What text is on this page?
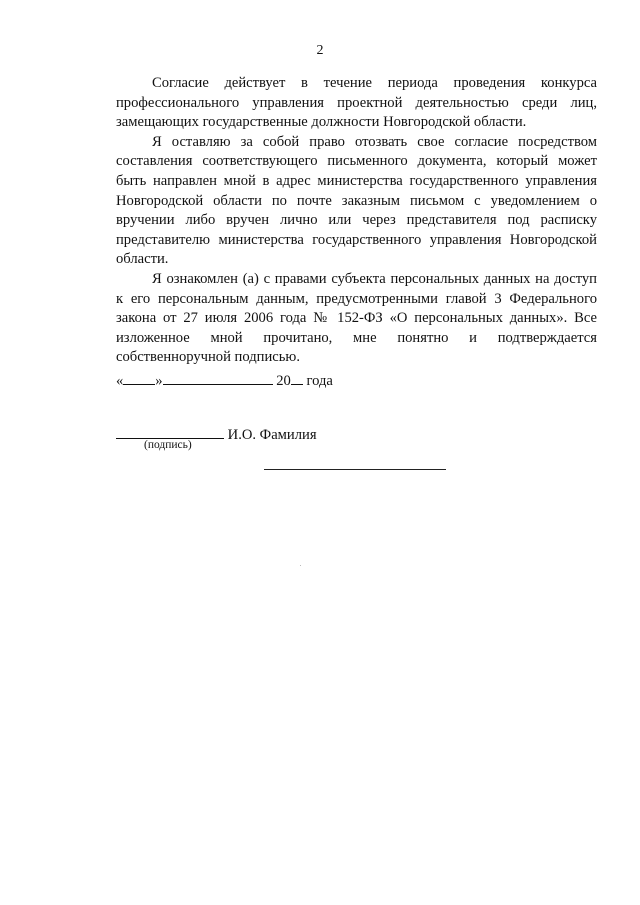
2

Согласие действует в течение периода проведения конкурса профессионального управления проектной деятельностью среди лиц, замещающих государственные должности Новгородской области.

Я оставляю за собой право отозвать свое согласие посредством составления соответствующего письменного документа, который может быть направлен мной в адрес министерства государственного управления Новгородской области по почте заказным письмом с уведомлением о вручении либо вручен лично или через представителя под расписку представителю министерства государственного управления Новгородской области.

Я ознакомлен (а) с правами субъекта персональных данных на доступ к его персональным данным, предусмотренными главой 3 Федерального закона от 27 июля 2006 года № 152-ФЗ «О персональных данных». Все изложенное мной прочитано, мне понятно и подтверждается собственноручной подписью.

« »	20 года
И.О. Фамилия
(подпись)
